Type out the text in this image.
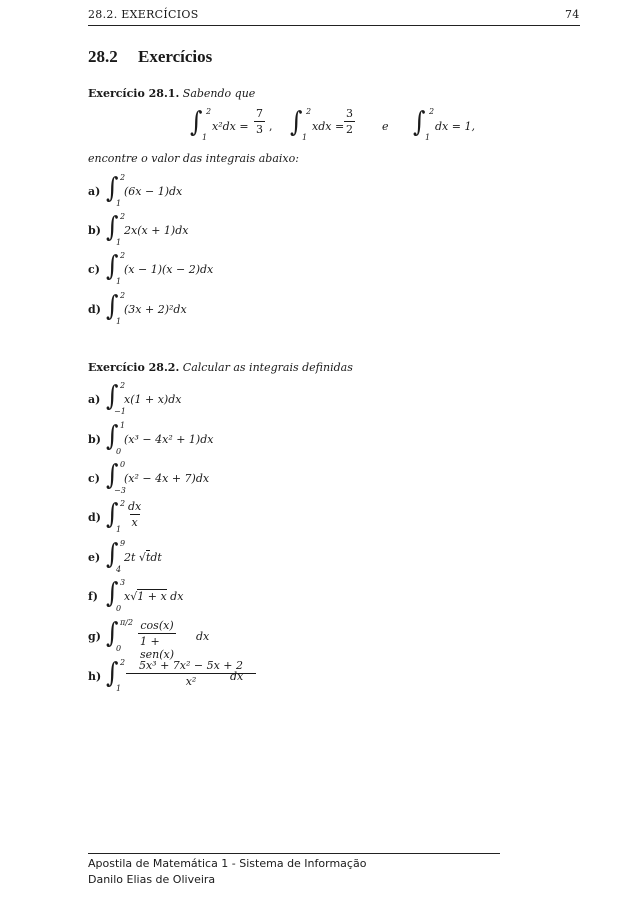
28.2. EXERCÍCIOS	74
28.2 Exercícios
Exercício 28.1. Sabendo que
∫ 2
1
$x^2dx = \frac{7}{3}$ , ∫ 2
1
xdx = $\frac{3}{2}$ e ∫ 2
1
dx = 1,
encontre o valor das integrais abaixo:
a) ∫ 2
1
(6x − 1)dx
b) ∫ 2
1
2x(x + 1)dx
c) ∫ 2
1
(x − 1)(x − 2)dx
d) ∫ 2
1
(3x + 2)²dx
Exercício 28.2. Calcular as integrais definidas
a) ∫ 2
−1
x(1 + x)dx
b) ∫ 1
0
(x³ − 4x² + 1)dx
c) ∫ 0
−3
(x² − 4x + 7)dx
d) ∫ 2
1
$\frac{dx}{x}$
e) ∫ 9
4
2t √tdt
f) ∫ 3
0
x√1 + x dx
g) ∫ π/2
$0 \frac{\cos(x)}{\text{1 + sen(x)}}$ dx
h) ∫ 2
1
$\frac{\text{5x³ + 7x² − 5x + 2}}{\text{x²}}$
dx
Apostila de Matemática 1 - Sistema de Informação
Danilo Elias de Oliveira
